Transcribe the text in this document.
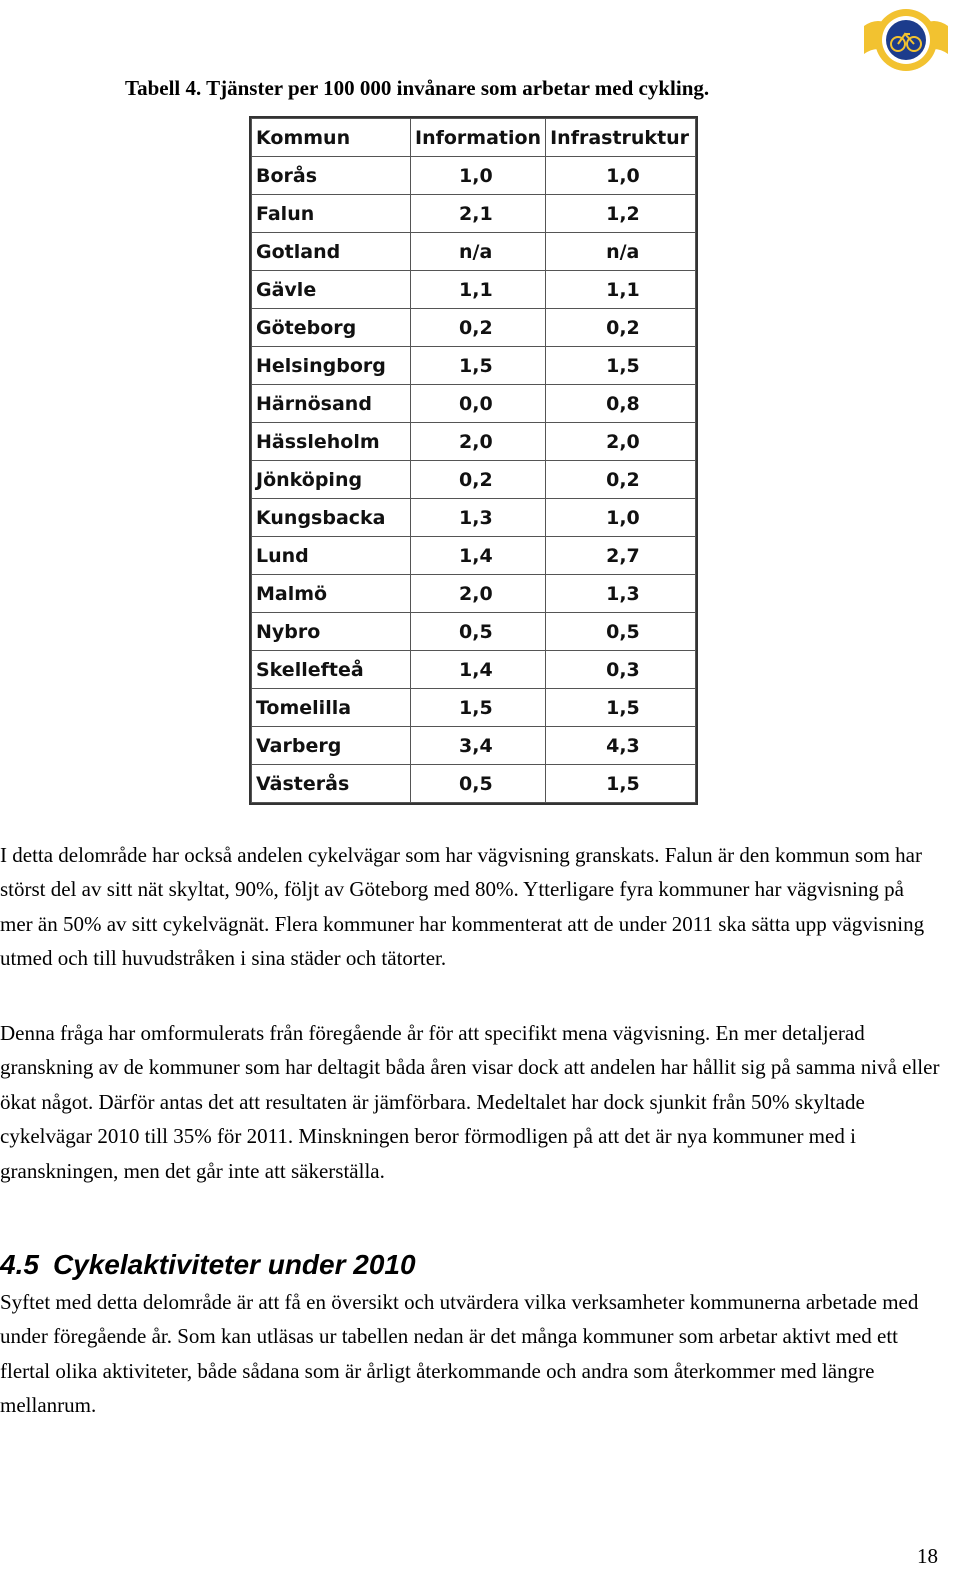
Tabell 4. Tjänster per 100 000 invånare som arbetar med cykling.
Kommun	Information	Infrastruktur
Borås	1,0	1,0
Falun	2,1	1,2
Gotland	n/a	n/a
Gävle	1,1	1,1
Göteborg	0,2	0,2
Helsingborg	1,5	1,5
Härnösand	0,0	0,8
Hässleholm	2,0	2,0
Jönköping	0,2	0,2
Kungsbacka	1,3	1,0
Lund	1,4	2,7
Malmö	2,0	1,3
Nybro	0,5	0,5
Skellefteå	1,4	0,3
Tomelilla	1,5	1,5
Varberg	3,4	4,3
Västerås	0,5	1,5

I detta delområde har också andelen cykelvägar som har vägvisning granskats. Falun är den kommun som har störst del av sitt nät skyltat, 90%, följt av Göteborg med 80%. Ytterligare fyra kommuner har vägvisning på mer än 50% av sitt cykelvägnät. Flera kommuner har kommenterat att de under 2011 ska sätta upp vägvisning utmed och till huvudstråken i sina städer och tätorter.

Denna fråga har omformulerats från föregående år för att specifikt mena vägvisning. En mer detaljerad granskning av de kommuner som har deltagit båda åren visar dock att andelen har hållit sig på samma nivå eller ökat något. Därför antas det att resultaten är jämförbara. Medeltalet har dock sjunkit från 50% skyltade cykelvägar 2010 till 35% för 2011. Minskningen beror förmodligen på att det är nya kommuner med i granskningen, men det går inte att säkerställa.

4.5 Cykelaktiviteter under 2010

Syftet med detta delområde är att få en översikt och utvärdera vilka verksamheter kommunerna arbetade med under föregående år. Som kan utläsas ur tabellen nedan är det många kommuner som arbetar aktivt med ett flertal olika aktiviteter, både sådana som är årligt återkommande och andra som återkommer med längre mellanrum.

18
